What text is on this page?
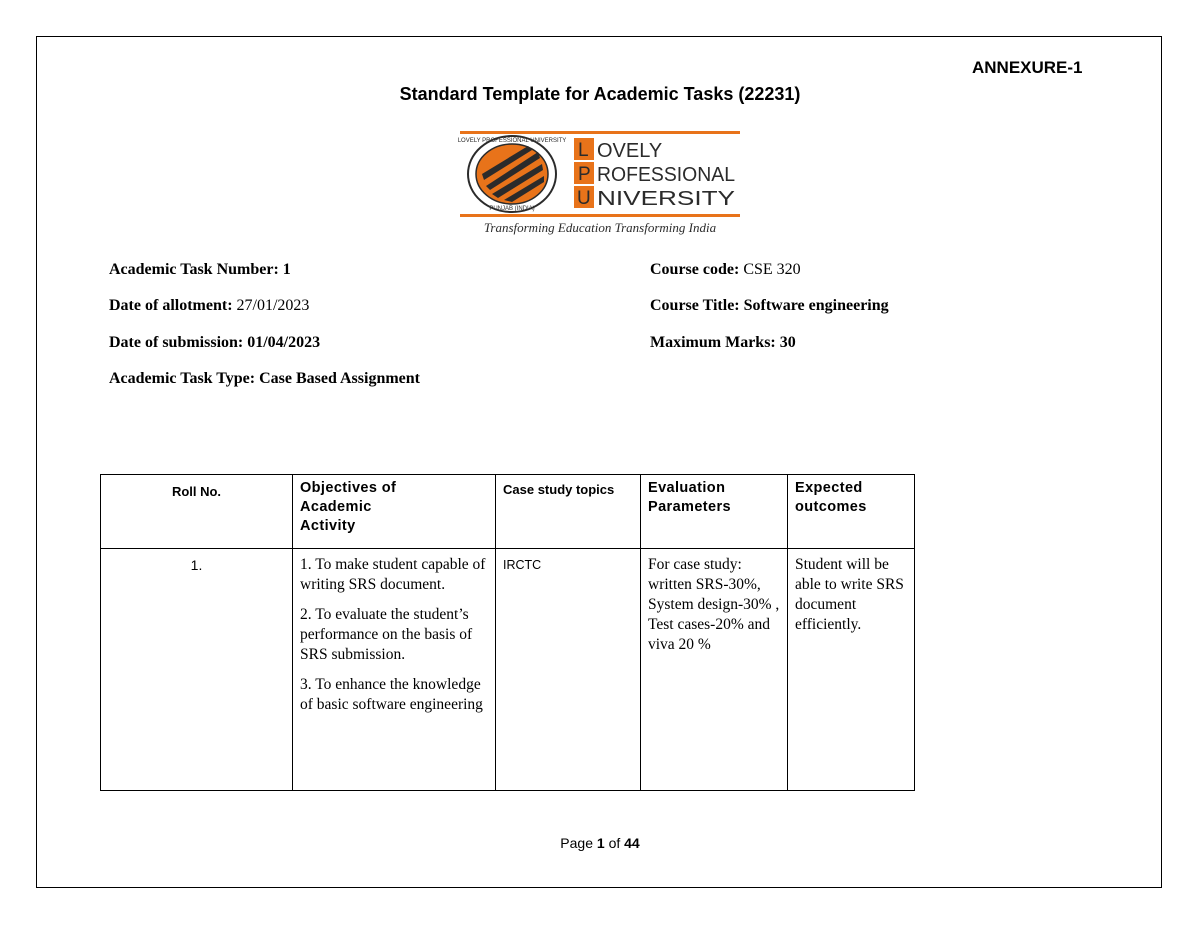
ANNEXURE-1
Standard Template for Academic Tasks (22231)
LOVELY PROFESSIONAL UNIVERSITY
PUNJAB (INDIA)
L
P
U
OVELY
ROFESSIONAL
NIVERSITY
Transforming Education Transforming India
Academic Task Number: 1
Date of allotment: 27/01/2023
Date of submission: 01/04/2023
Academic Task Type: Case Based Assignment
Course code: CSE 320
Course Title: Software engineering
Maximum Marks: 30
Roll No.	Objectives of
Academic
Activity	Case study topics	Evaluation
Parameters	Expected
outcomes
1.	1. To make student capable of writing SRS document.

2. To evaluate the student’s performance on the basis of SRS submission.

3. To enhance the knowledge of basic software engineering	IRCTC	For case study: written SRS-30%, System design-30% , Test cases-20% and viva 20 %	Student will be able to write SRS document efficiently.
Page 1 of 44
